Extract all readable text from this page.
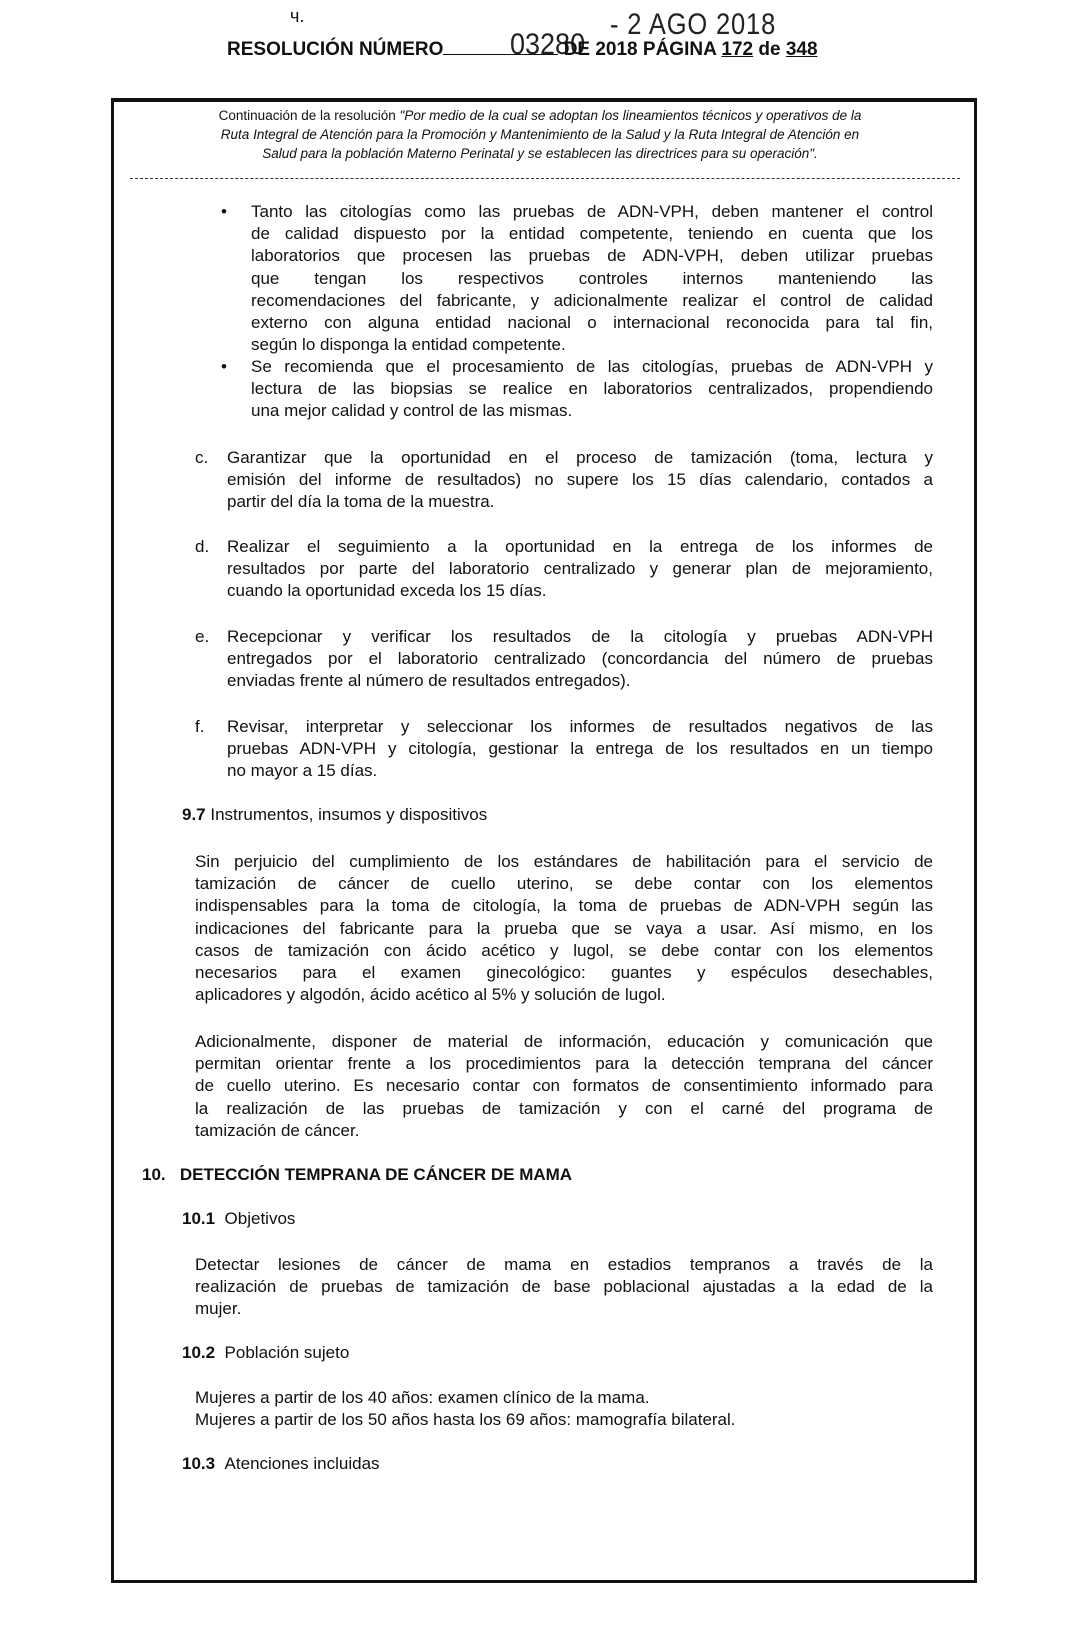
ч.	- 2 AGO 2018
03280
RESOLUCIÓN NÚMERO	DE 2018 PÁGINA 172 de 348
Continuación de la resolución "Por medio de la cual se adoptan los lineamientos técnicos y operativos de la
Ruta Integral de Atención para la Promoción y Mantenimiento de la Salud y la Ruta Integral de Atención en
Salud para la población Materno Perinatal y se establecen las directrices para su operación".
9.7 Instrumentos, insumos y dispositivos
10. DETECCIÓN TEMPRANA DE CÁNCER DE MAMA
10.1 Objetivos
10.2 Población sujeto
10.3 Atenciones incluidas
• Tanto las citologías como las pruebas de ADN-VPH, deben mantener el control
de calidad dispuesto por la entidad competente, teniendo en cuenta que los
laboratorios que procesen las pruebas de ADN-VPH, deben utilizar pruebas
que tengan los respectivos controles internos manteniendo las
recomendaciones del fabricante, y adicionalmente realizar el control de calidad
externo con alguna entidad nacional o internacional reconocida para tal fin,
según lo disponga la entidad competente.
• Se recomienda que el procesamiento de las citologías, pruebas de ADN-VPH y
lectura de las biopsias se realice en laboratorios centralizados, propendiendo
una mejor calidad y control de las mismas.
c. Garantizar que la oportunidad en el proceso de tamización (toma, lectura y
emisión del informe de resultados) no supere los 15 días calendario, contados a
partir del día la toma de la muestra.
d. Realizar el seguimiento a la oportunidad en la entrega de los informes de
resultados por parte del laboratorio centralizado y generar plan de mejoramiento,
cuando la oportunidad exceda los 15 días.
e. Recepcionar y verificar los resultados de la citología y pruebas ADN-VPH
entregados por el laboratorio centralizado (concordancia del número de pruebas
enviadas frente al número de resultados entregados).
f. Revisar, interpretar y seleccionar los informes de resultados negativos de las
pruebas ADN-VPH y citología, gestionar la entrega de los resultados en un tiempo
no mayor a 15 días.
Sin perjuicio del cumplimiento de los estándares de habilitación para el servicio de
tamización de cáncer de cuello uterino, se debe contar con los elementos
indispensables para la toma de citología, la toma de pruebas de ADN-VPH según las
indicaciones del fabricante para la prueba que se vaya a usar. Así mismo, en los
casos de tamización con ácido acético y lugol, se debe contar con los elementos
necesarios para el examen ginecológico: guantes y espéculos desechables,
aplicadores y algodón, ácido acético al 5% y solución de lugol.
Adicionalmente, disponer de material de información, educación y comunicación que
permitan orientar frente a los procedimientos para la detección temprana del cáncer
de cuello uterino. Es necesario contar con formatos de consentimiento informado para
la realización de las pruebas de tamización y con el carné del programa de
tamización de cáncer.
Detectar lesiones de cáncer de mama en estadios tempranos a través de la
realización de pruebas de tamización de base poblacional ajustadas a la edad de la
mujer.
Mujeres a partir de los 40 años: examen clínico de la mama.
Mujeres a partir de los 50 años hasta los 69 años: mamografía bilateral.
